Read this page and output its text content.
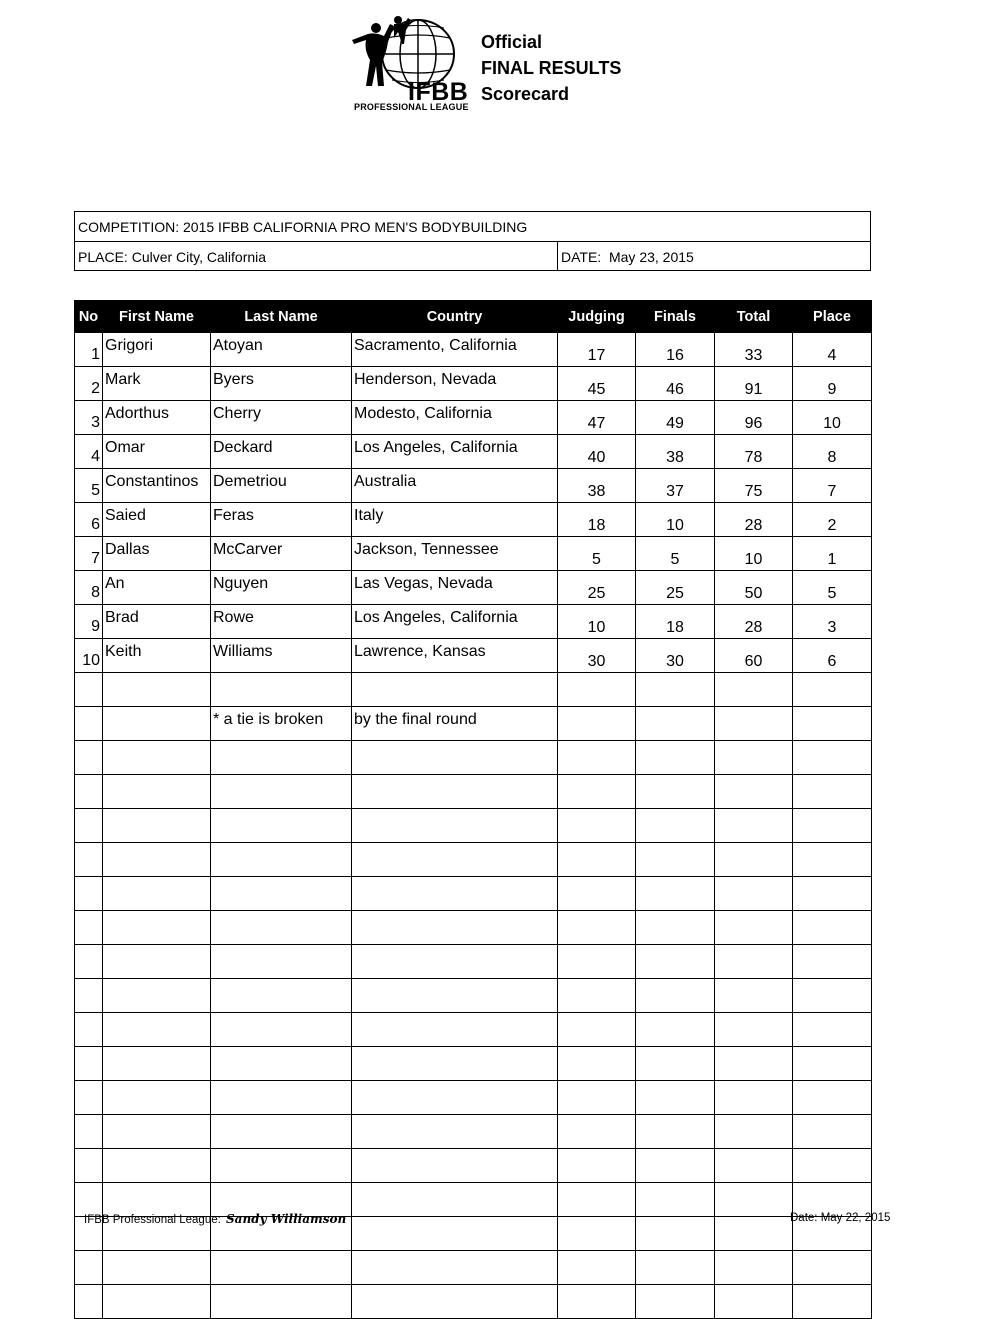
IFBB
PROFESSIONAL LEAGUE
Official
FINAL RESULTS
Scorecard
COMPETITION: 2015 IFBB CALIFORNIA PRO MEN'S BODYBUILDING
PLACE: Culver City, California	DATE: May 23, 2015
No	First Name	Last Name	Country	Judging	Finals	Total	Place
1	Grigori	Atoyan	Sacramento, California	17	16	33	4
2	Mark	Byers	Henderson, Nevada	45	46	91	9
3	Adorthus	Cherry	Modesto, California	47	49	96	10
4	Omar	Deckard	Los Angeles, California	40	38	78	8
5	Constantinos	Demetriou	Australia	38	37	75	7
6	Saied	Feras	Italy	18	10	28	2
7	Dallas	McCarver	Jackson, Tennessee	5	5	10	1
8	An	Nguyen	Las Vegas, Nevada	25	25	50	5
9	Brad	Rowe	Los Angeles, California	10	18	28	3
10	Keith	Williams	Lawrence, Kansas	30	30	60	6

		* a tie is broken	by the final round				

IFBB Professional League: Sandy Williamson	Date: May 22, 2015
